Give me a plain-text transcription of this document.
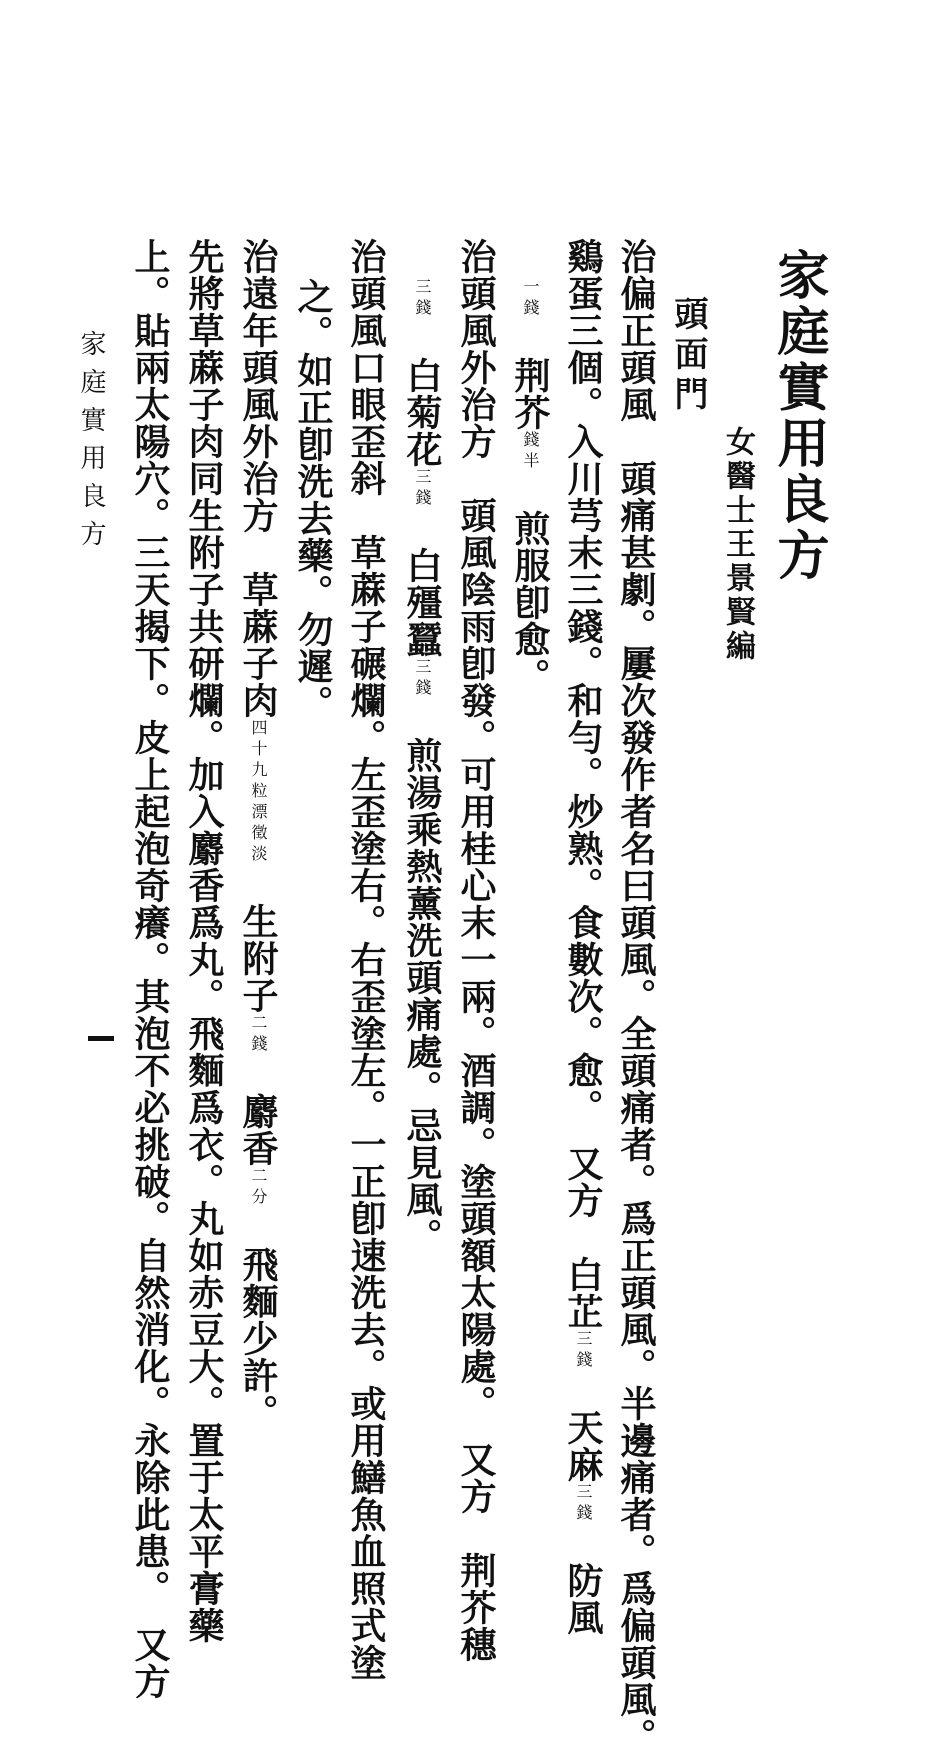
家庭實用良方
女醫士王景賢編
頭面門
治偏正頭風　頭痛甚劇。屢次發作者名曰頭風。全頭痛者。爲正頭風。半邊痛者。爲偏頭風。
鷄蛋三個。入川芎末三錢。和勻。炒熟。食數次。愈。　又方　白芷三錢　天麻三錢　防風
一錢　荆芥錢半　煎服卽愈。
治頭風外治方　頭風陰雨卽發。可用桂心末一兩。酒調。塗頭額太陽處。　又方　荆芥穗
三錢　白菊花三錢　白殭蠶三錢　煎湯乘熱薰洗頭痛處。忌見風。
治頭風口眼歪斜　草蔴子碾爛。左歪塗右。右歪塗左。一正卽速洗去。或用鱔魚血照式塗
之。如正卽洗去藥。勿遲。
治遠年頭風外治方　草蔴子肉四十九粒漂徵淡　生附子二錢　麝香二分　飛麵少許。
先將草蔴子肉同生附子共研爛。加入麝香爲丸。飛麵爲衣。丸如赤豆大。置于太平膏藥
上。貼兩太陽穴。三天揭下。皮上起泡奇癢。其泡不必挑破。自然消化。永除此患。　又方
家庭實用良方
